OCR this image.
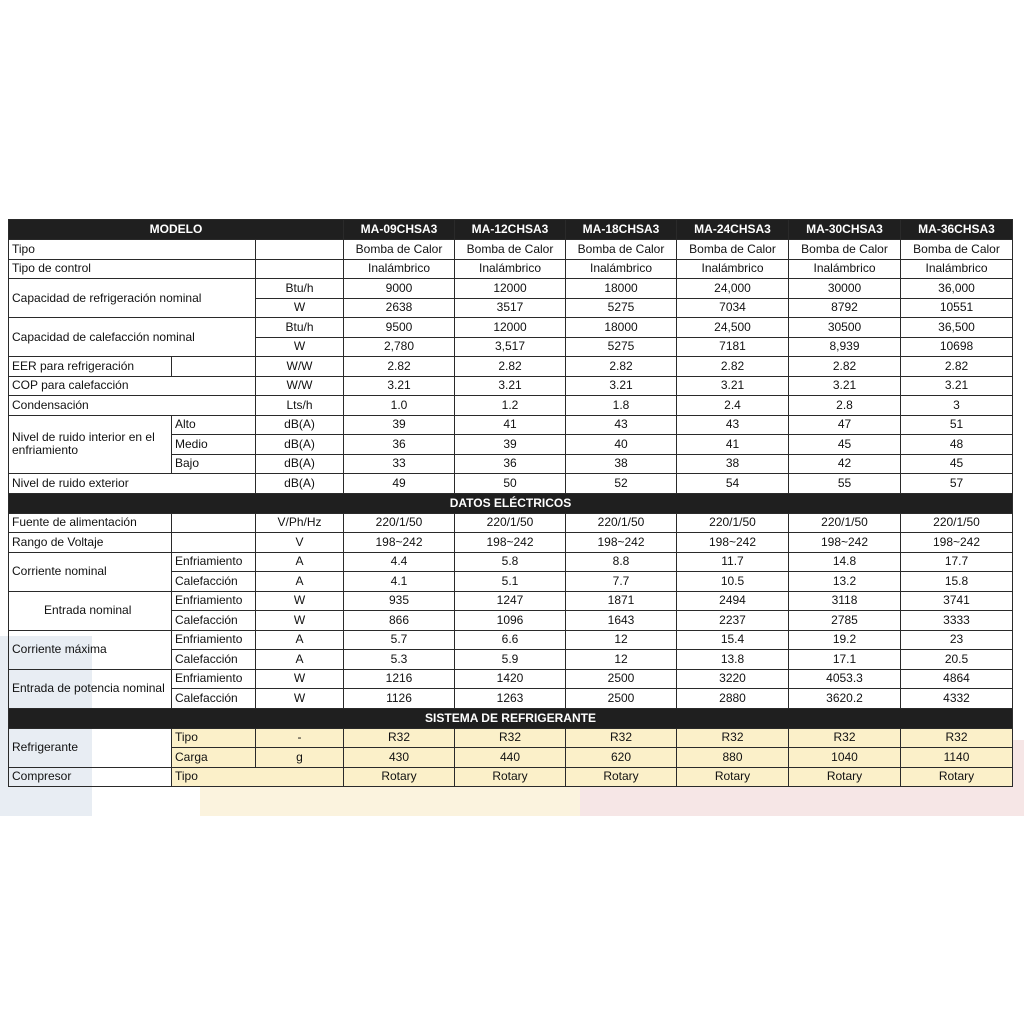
MODELO			MA-09CHSA3	MA-12CHSA3	MA-18CHSA3	MA-24CHSA3	MA-30CHSA3	MA-36CHSA3
Tipo			Bomba de Calor	Bomba de Calor	Bomba de Calor	Bomba de Calor	Bomba de Calor	Bomba de Calor
Tipo de control			Inalámbrico	Inalámbrico	Inalámbrico	Inalámbrico	Inalámbrico	Inalámbrico
Capacidad de refrigeración nominal		Btu/h	9000	12000	18000	24,000	30000	36,000
		W	2638	3517	5275	7034	8792	10551
Capacidad de calefacción nominal		Btu/h	9500	12000	18000	24,500	30500	36,500
		W	2,780	3,517	5275	7181	8,939	10698
EER para refrigeración		W/W	2.82	2.82	2.82	2.82	2.82	2.82
COP para calefacción		W/W	3.21	3.21	3.21	3.21	3.21	3.21
Condensación		Lts/h	1.0	1.2	1.8	2.4	2.8	3
Nivel de ruido interior en el enfriamiento	Alto	dB(A)	39	41	43	43	47	51
	Medio	dB(A)	36	39	40	41	45	48
	Bajo	dB(A)	33	36	38	38	42	45
Nivel de ruido exterior		dB(A)	49	50	52	54	55	57
DATOS ELÉCTRICOS								
Fuente de alimentación		V/Ph/Hz	220/1/50	220/1/50	220/1/50	220/1/50	220/1/50	220/1/50
Rango de Voltaje		V	198~242	198~242	198~242	198~242	198~242	198~242
Corriente nominal	Enfriamiento	A	4.4	5.8	8.8	11.7	14.8	17.7
	Calefacción	A	4.1	5.1	7.7	10.5	13.2	15.8
Entrada nominal	Enfriamiento	W	935	1247	1871	2494	3118	3741
	Calefacción	W	866	1096	1643	2237	2785	3333
Corriente máxima	Enfriamiento	A	5.7	6.6	12	15.4	19.2	23
	Calefacción	A	5.3	5.9	12	13.8	17.1	20.5
Entrada de potencia nominal	Enfriamiento	W	1216	1420	2500	3220	4053.3	4864
	Calefacción	W	1126	1263	2500	2880	3620.2	4332
SISTEMA DE REFRIGERANTE								
Refrigerante	Tipo	-	R32	R32	R32	R32	R32	R32
	Carga	g	430	440	620	880	1040	1140
Compresor	Tipo		Rotary	Rotary	Rotary	Rotary	Rotary	Rotary
